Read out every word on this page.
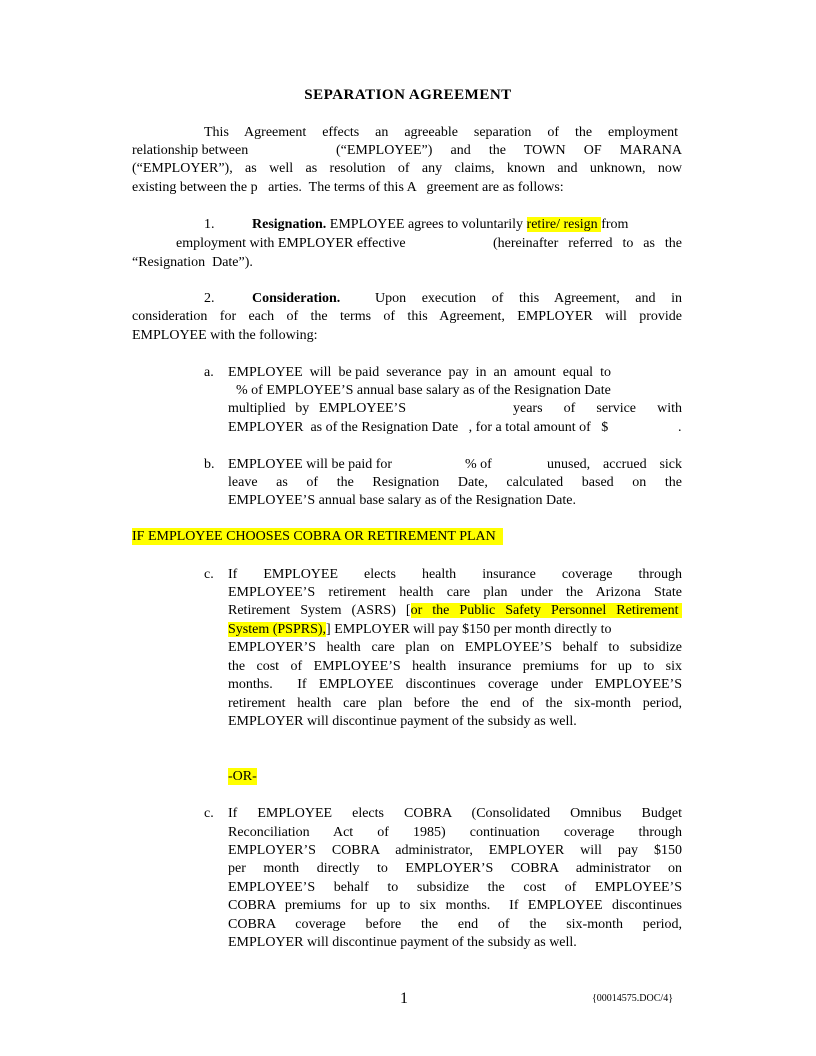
SEPARATION AGREEMENT
This Agreement effects an agreeable separation of the employment
relationship between	(“EMPLOYEE”) and the TOWN OF MARANA
(“EMPLOYER”), as well as resolution of any claims, known and unknown, now
existing between the p   arties.  The terms of this A   greement are as follows:
1.	Resignation. EMPLOYEE agrees to voluntarily retire/ resign from
employment with EMPLOYER effective	(hereinafter referred to as the
“Resignation  Date”).
2.	Consideration. Upon execution of this Agreement, and in
consideration for each of the terms of this Agreement, EMPLOYER will provide
EMPLOYEE with the following:
a. EMPLOYEE  will  be paid  severance  pay  in  an  amount  equal  to
% of EMPLOYEE’S annual base salary as of the Resignation Date
multiplied by EMPLOYEE’S	years of service with
EMPLOYER  as of the Resignation Date   , for a total amount of   $	.
b. EMPLOYEE will be paid for	% of	unused, accrued sick
leave as of the Resignation Date, calculated based on the
EMPLOYEE’S annual base salary as of the Resignation Date.
IF EMPLOYEE CHOOSES COBRA OR RETIREMENT PLAN
c. If EMPLOYEE elects health insurance coverage through
EMPLOYEE’S retirement health care plan under the Arizona State
Retirement System (ASRS) [or the Public Safety Personnel Retirement
System (PSPRS),] EMPLOYER will pay $150 per month directly to
EMPLOYER’S health care plan on EMPLOYEE’S behalf to subsidize
the cost of EMPLOYEE’S health insurance premiums for up to six
months.  If EMPLOYEE discontinues coverage under EMPLOYEE’S
retirement health care plan before the end of the six-month period,
EMPLOYER will discontinue payment of the subsidy as well.
-OR-
c. If EMPLOYEE elects COBRA (Consolidated Omnibus Budget
Reconciliation Act of 1985) continuation coverage through
EMPLOYER’S COBRA administrator, EMPLOYER will pay $150
per month directly to EMPLOYER’S COBRA administrator on
EMPLOYEE’S behalf to subsidize the cost of EMPLOYEE’S
COBRA premiums for up to six months.  If EMPLOYEE discontinues
COBRA coverage before the end of the six-month period,
EMPLOYER will discontinue payment of the subsidy as well.
1	{00014575.DOC/4}
